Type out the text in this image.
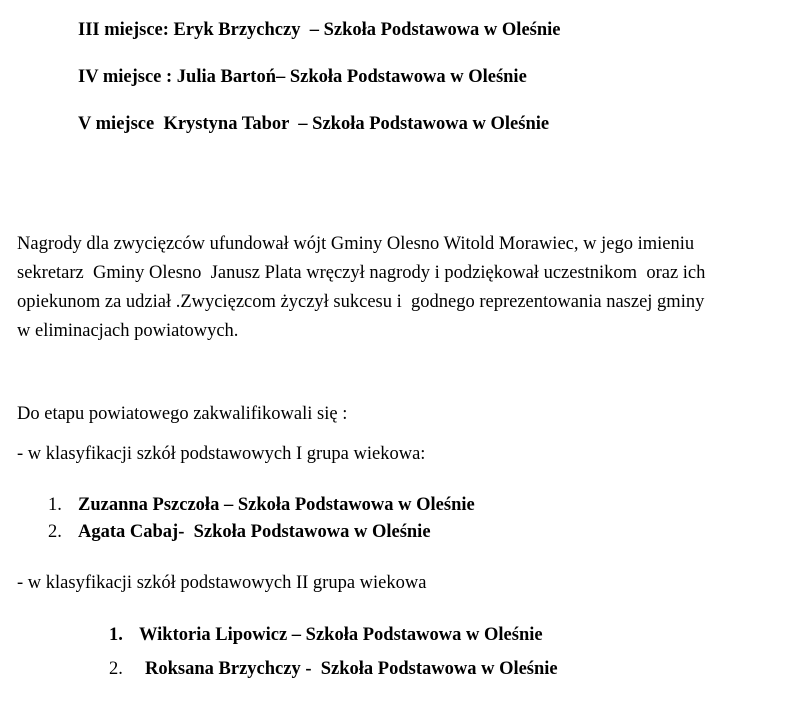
III miejsce: Eryk Brzychczy  – Szkoła Podstawowa w Oleśnie
IV miejsce : Julia Bartoń– Szkoła Podstawowa w Oleśnie
V miejsce  Krystyna Tabor  – Szkoła Podstawowa w Oleśnie
Nagrody dla zwycięzców ufundował wójt Gminy Olesno Witold Morawiec, w jego imieniu
sekretarz  Gminy Olesno  Janusz Plata wręczył nagrody i podziękował uczestnikom  oraz ich
opiekunom za udział .Zwycięzcom życzył sukcesu i  godnego reprezentowania naszej gminy
w eliminacjach powiatowych.
Do etapu powiatowego zakwalifikowali się :
- w klasyfikacji szkół podstawowych I grupa wiekowa:
1. Zuzanna Pszczoła – Szkoła Podstawowa w Oleśnie
2. Agata Cabaj-  Szkoła Podstawowa w Oleśnie
- w klasyfikacji szkół podstawowych II grupa wiekowa
1. Wiktoria Lipowicz – Szkoła Podstawowa w Oleśnie
2. Roksana Brzychczy -  Szkoła Podstawowa w Oleśnie
